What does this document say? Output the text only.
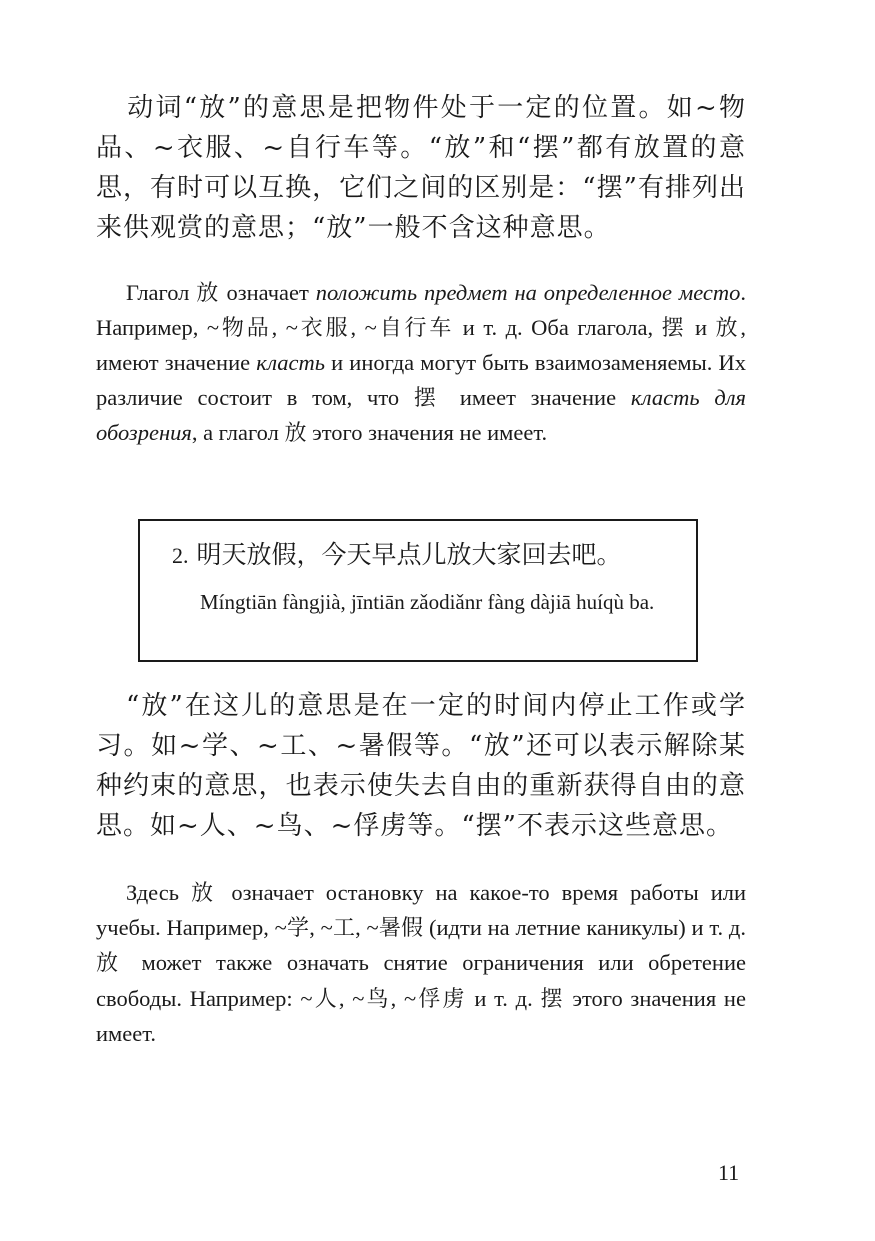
动词“放”的意思是把物件处于一定的位置。如~物品、~衣服、~自行车等。“放”和“摆”都有放置的意思，有时可以互换，它们之间的区别是：“摆”有排列出来供观赏的意思；“放”一般不含这种意思。

Глагол 放 означает положить предмет на определенное место. Например, ~物品, ~衣服, ~自行车 и т. д. Оба глагола, 摆 и 放, имеют значение класть и иногда могут быть взаимозаменяемы. Их различие состоит в том, что 摆 имеет значение класть для обозрения, а глагол 放 этого значения не имеет.

2. 明天放假，今天早点儿放大家回去吧。

Míngtiān fàngjià, jīntiān zǎodiǎnr fàng dàjiā huíqù ba.

“放”在这儿的意思是在一定的时间内停止工作或学习。如~学、~工、~暑假等。“放”还可以表示解除某种约束的意思，也表示使失去自由的重新获得自由的意思。如~人、~鸟、~俘虏等。“摆”不表示这些意思。

Здесь 放 означает остановку на какое-то время работы или учебы. Например, ~学, ~工, ~暑假 (идти на летние каникулы) и т. д. 放 может также означать снятие ограничения или обретение свободы. Например: ~人, ~鸟, ~俘虏 и т. д. 摆 этого значения не имеет.

11
